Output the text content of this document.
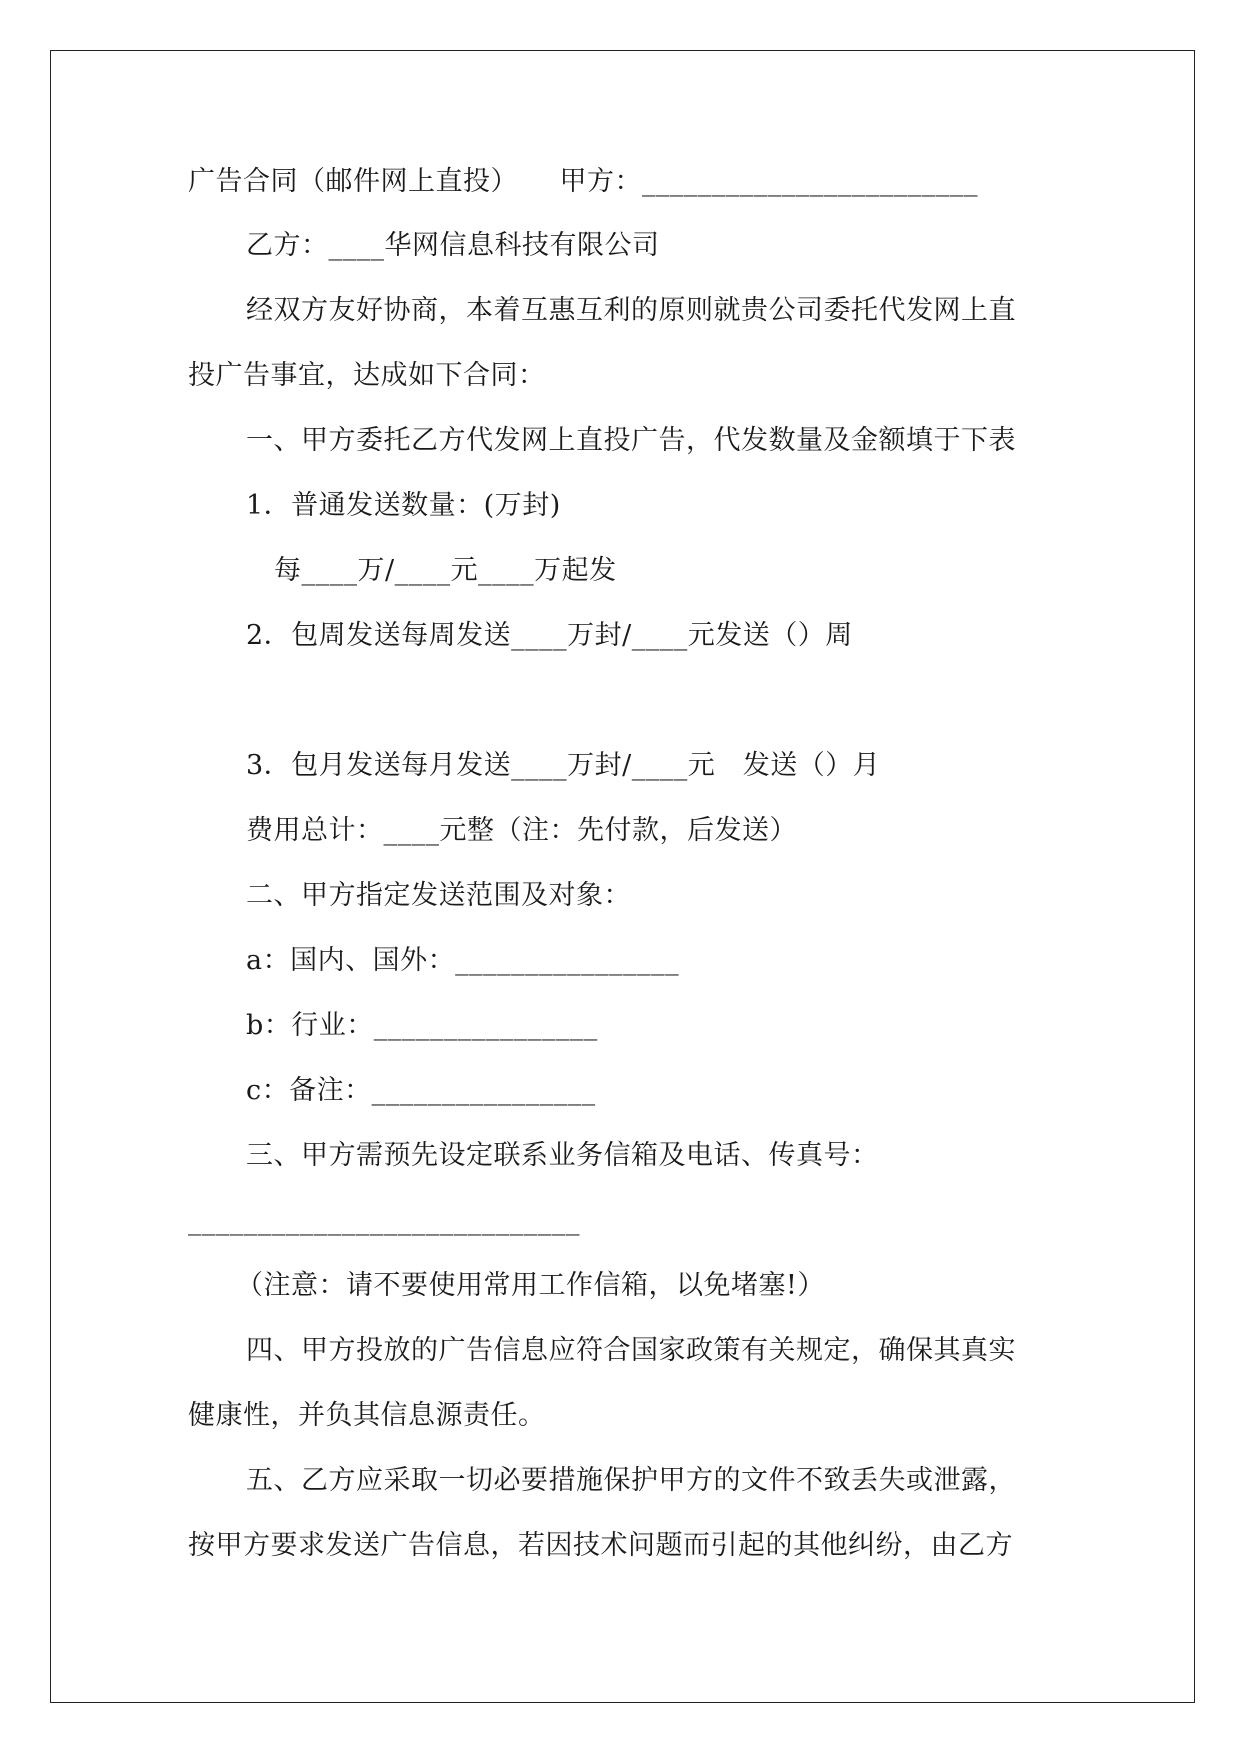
广告合同（邮件网上直投）　　甲方：________________________
乙方：____华网信息科技有限公司
经双方友好协商，本着互惠互利的原则就贵公司委托代发网上直
投广告事宜，达成如下合同：
一、甲方委托乙方代发网上直投广告，代发数量及金额填于下表
1．普通发送数量：(万封)
每____万/____元____万起发
2．包周发送每周发送____万封/____元发送（）周
3．包月发送每月发送____万封/____元　发送（）月
费用总计：____元整（注：先付款，后发送）
二、甲方指定发送范围及对象：
a：国内、国外：________________
b：行业：________________
c：备注：________________
三、甲方需预先设定联系业务信箱及电话、传真号：
____________________________
（注意：请不要使用常用工作信箱，以免堵塞!）
四、甲方投放的广告信息应符合国家政策有关规定，确保其真实
健康性，并负其信息源责任。
五、乙方应采取一切必要措施保护甲方的文件不致丢失或泄露，
按甲方要求发送广告信息，若因技术问题而引起的其他纠纷，由乙方
